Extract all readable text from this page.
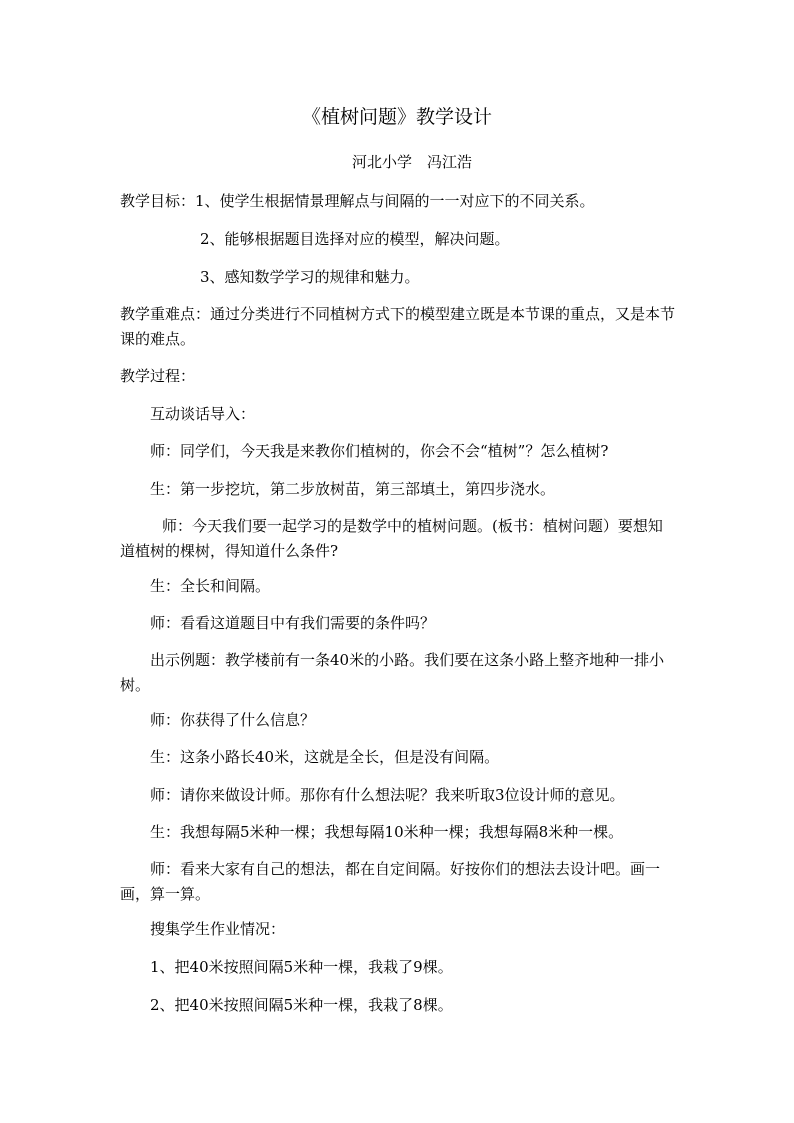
《植树问题》教学设计
河北小学　冯江浩
教学目标：1、使学生根据情景理解点与间隔的一一对应下的不同关系。
2、能够根据题目选择对应的模型，解决问题。
3、感知数学学习的规律和魅力。
教学重难点：通过分类进行不同植树方式下的模型建立既是本节课的重点，又是本节课的难点。
教学过程：
互动谈话导入：
师：同学们，今天我是来教你们植树的，你会不会“植树”？怎么植树?
生：第一步挖坑，第二步放树苗，第三部填土，第四步浇水。
师：今天我们要一起学习的是数学中的植树问题。(板书：植树问题）要想知道植树的棵树，得知道什么条件?
生：全长和间隔。
师：看看这道题目中有我们需要的条件吗？
出示例题：教学楼前有一条40米的小路。我们要在这条小路上整齐地种一排小树。
师：你获得了什么信息？
生：这条小路长40米，这就是全长，但是没有间隔。
师：请你来做设计师。那你有什么想法呢？我来听取3位设计师的意见。
生：我想每隔5米种一棵；我想每隔10米种一棵；我想每隔8米种一棵。
师：看来大家有自己的想法，都在自定间隔。好按你们的想法去设计吧。画一画，算一算。
搜集学生作业情况：
1、把40米按照间隔5米种一棵，我栽了9棵。
2、把40米按照间隔5米种一棵，我栽了8棵。
